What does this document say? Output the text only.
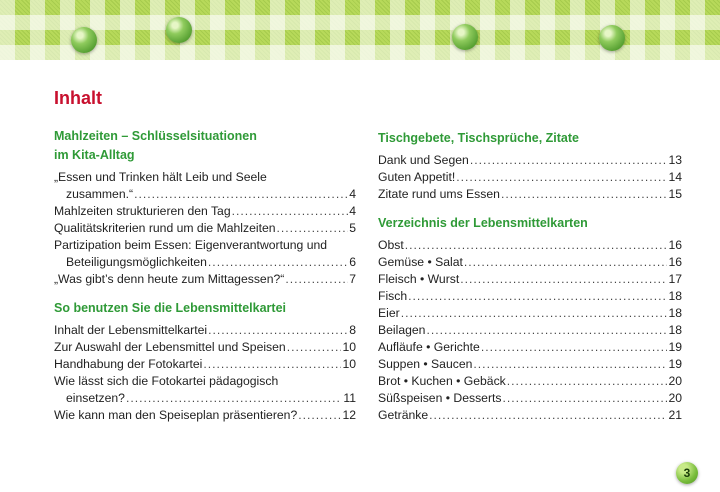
Inhalt
Mahlzeiten – Schlüsselsituationen
im Kita-Alltag
„Essen und Trinken hält Leib und Seele
zusammen.“ .....	4
Mahlzeiten strukturieren den Tag .....	4
Qualitätskriterien rund um die Mahlzeiten .....	5
Partizipation beim Essen: Eigenverantwortung und
Beteiligungsmöglichkeiten .....	6
„Was gibt’s denn heute zum Mittagessen?“ .....	7
So benutzen Sie die Lebensmittelkartei
Inhalt der Lebensmittelkartei .....	8
Zur Auswahl der Lebensmittel und Speisen .....	10
Handhabung der Fotokartei .....	10
Wie lässt sich die Fotokartei pädagogisch
einsetzen? .....	11
Wie kann man den Speiseplan präsentieren? .....	12
Tischgebete, Tischsprüche, Zitate
Dank und Segen .....	13
Guten Appetit! .....	14
Zitate rund ums Essen .....	15
Verzeichnis der Lebensmittelkarten
Obst .....	16
Gemüse • Salat .....	16
Fleisch • Wurst .....	17
Fisch .....	18
Eier .....	18
Beilagen .....	18
Aufläufe • Gerichte .....	19
Suppen • Saucen .....	19
Brot • Kuchen • Gebäck .....	20
Süßspeisen • Desserts .....	20
Getränke .....	21
3
